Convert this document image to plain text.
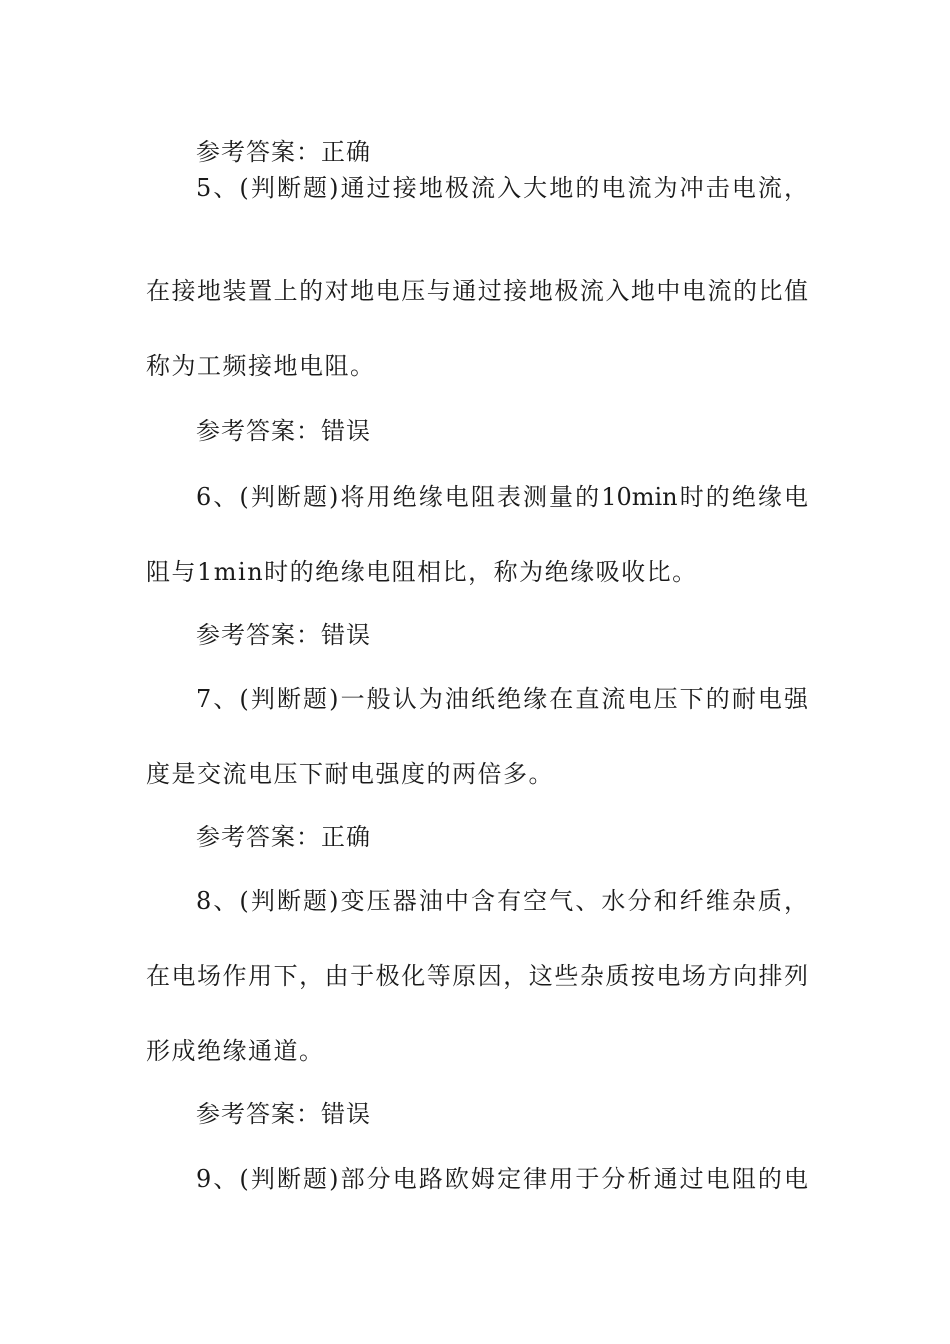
参考答案：正确
5、(判断题)通过接地极流入大地的电流为冲击电流，
在接地装置上的对地电压与通过接地极流入地中电流的比值
称为工频接地电阻。
参考答案：错误
6、(判断题)将用绝缘电阻表测量的10min时的绝缘电
阻与1min时的绝缘电阻相比，称为绝缘吸收比。
参考答案：错误
7、(判断题)一般认为油纸绝缘在直流电压下的耐电强
度是交流电压下耐电强度的两倍多。
参考答案：正确
8、(判断题)变压器油中含有空气、水分和纤维杂质，
在电场作用下，由于极化等原因，这些杂质按电场方向排列
形成绝缘通道。
参考答案：错误
9、(判断题)部分电路欧姆定律用于分析通过电阻的电
